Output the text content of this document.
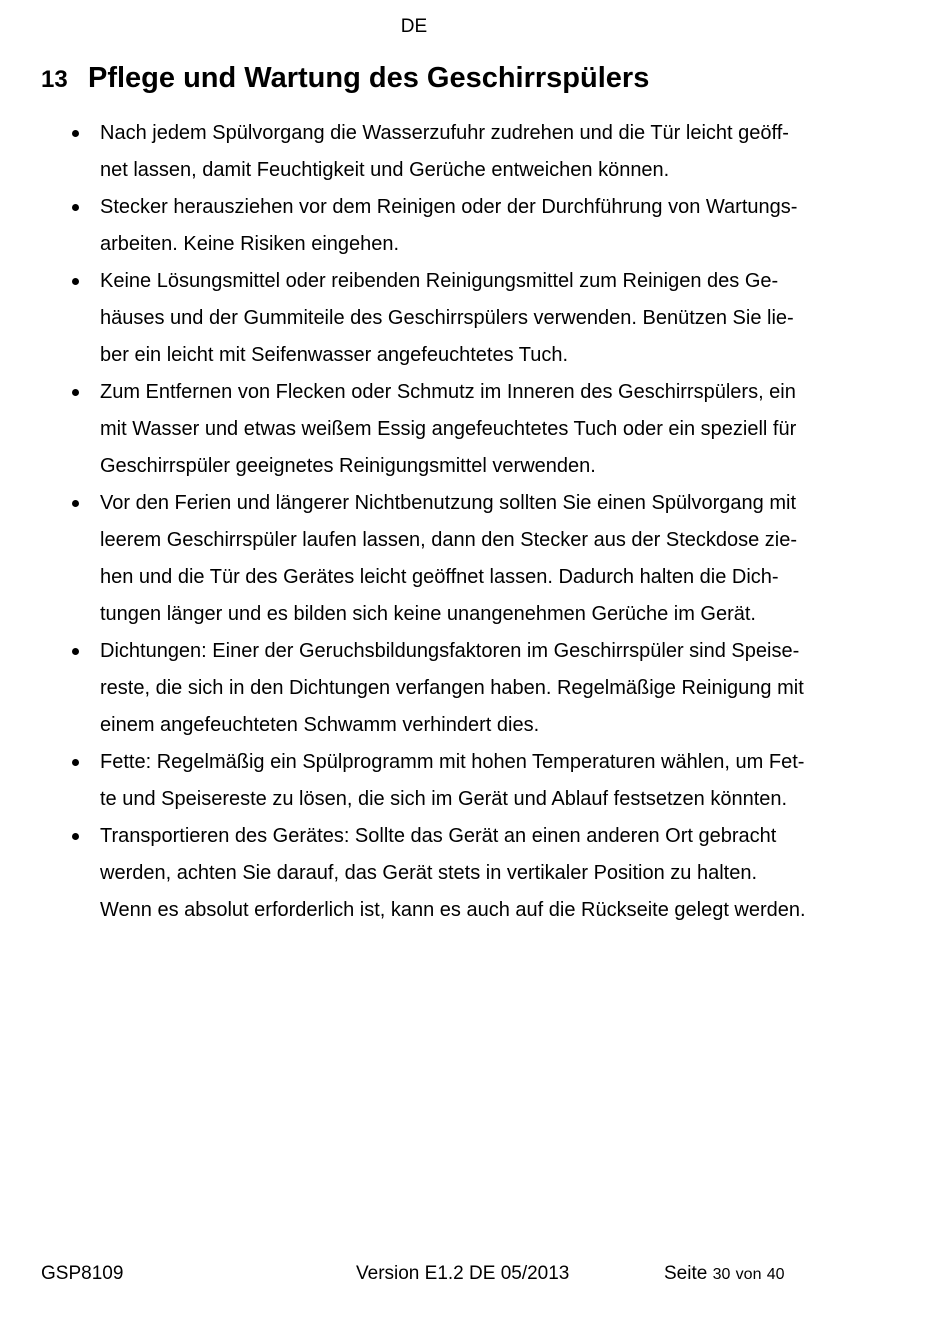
DE
13 Pflege und Wartung des Geschirrspülers
Nach jedem Spülvorgang die Wasserzufuhr zudrehen und die Tür leicht geöff-
net lassen, damit Feuchtigkeit und Gerüche entweichen können.
Stecker herausziehen vor dem Reinigen oder der Durchführung von Wartungs-
arbeiten. Keine Risiken eingehen.
Keine Lösungsmittel oder reibenden Reinigungsmittel zum Reinigen des Ge-
häuses und der Gummiteile des Geschirrspülers verwenden. Benützen Sie lie-
ber ein leicht mit Seifenwasser angefeuchtetes Tuch.
Zum Entfernen von Flecken oder Schmutz im Inneren des Geschirrspülers, ein
mit Wasser und etwas weißem Essig angefeuchtetes Tuch oder ein speziell für
Geschirrspüler geeignetes Reinigungsmittel verwenden.
Vor den Ferien und längerer Nichtbenutzung sollten Sie einen Spülvorgang mit
leerem Geschirrspüler laufen lassen, dann den Stecker aus der Steckdose zie-
hen und die Tür des Gerätes leicht geöffnet lassen. Dadurch halten die Dich-
tungen länger und es bilden sich keine unangenehmen Gerüche im Gerät.
Dichtungen: Einer der Geruchsbildungsfaktoren im Geschirrspüler sind Speise-
reste, die sich in den Dichtungen verfangen haben. Regelmäßige Reinigung mit
einem angefeuchteten Schwamm verhindert dies.
Fette: Regelmäßig ein Spülprogramm mit hohen Temperaturen wählen, um Fet-
te und Speisereste zu lösen, die sich im Gerät und Ablauf festsetzen könnten.
Transportieren des Gerätes: Sollte das Gerät an einen anderen Ort gebracht
werden, achten Sie darauf, das Gerät stets in vertikaler Position zu halten.
Wenn es absolut erforderlich ist, kann es auch auf die Rückseite gelegt werden.
GSP8109	Version E1.2 DE 05/2013	Seite 30 von 40
